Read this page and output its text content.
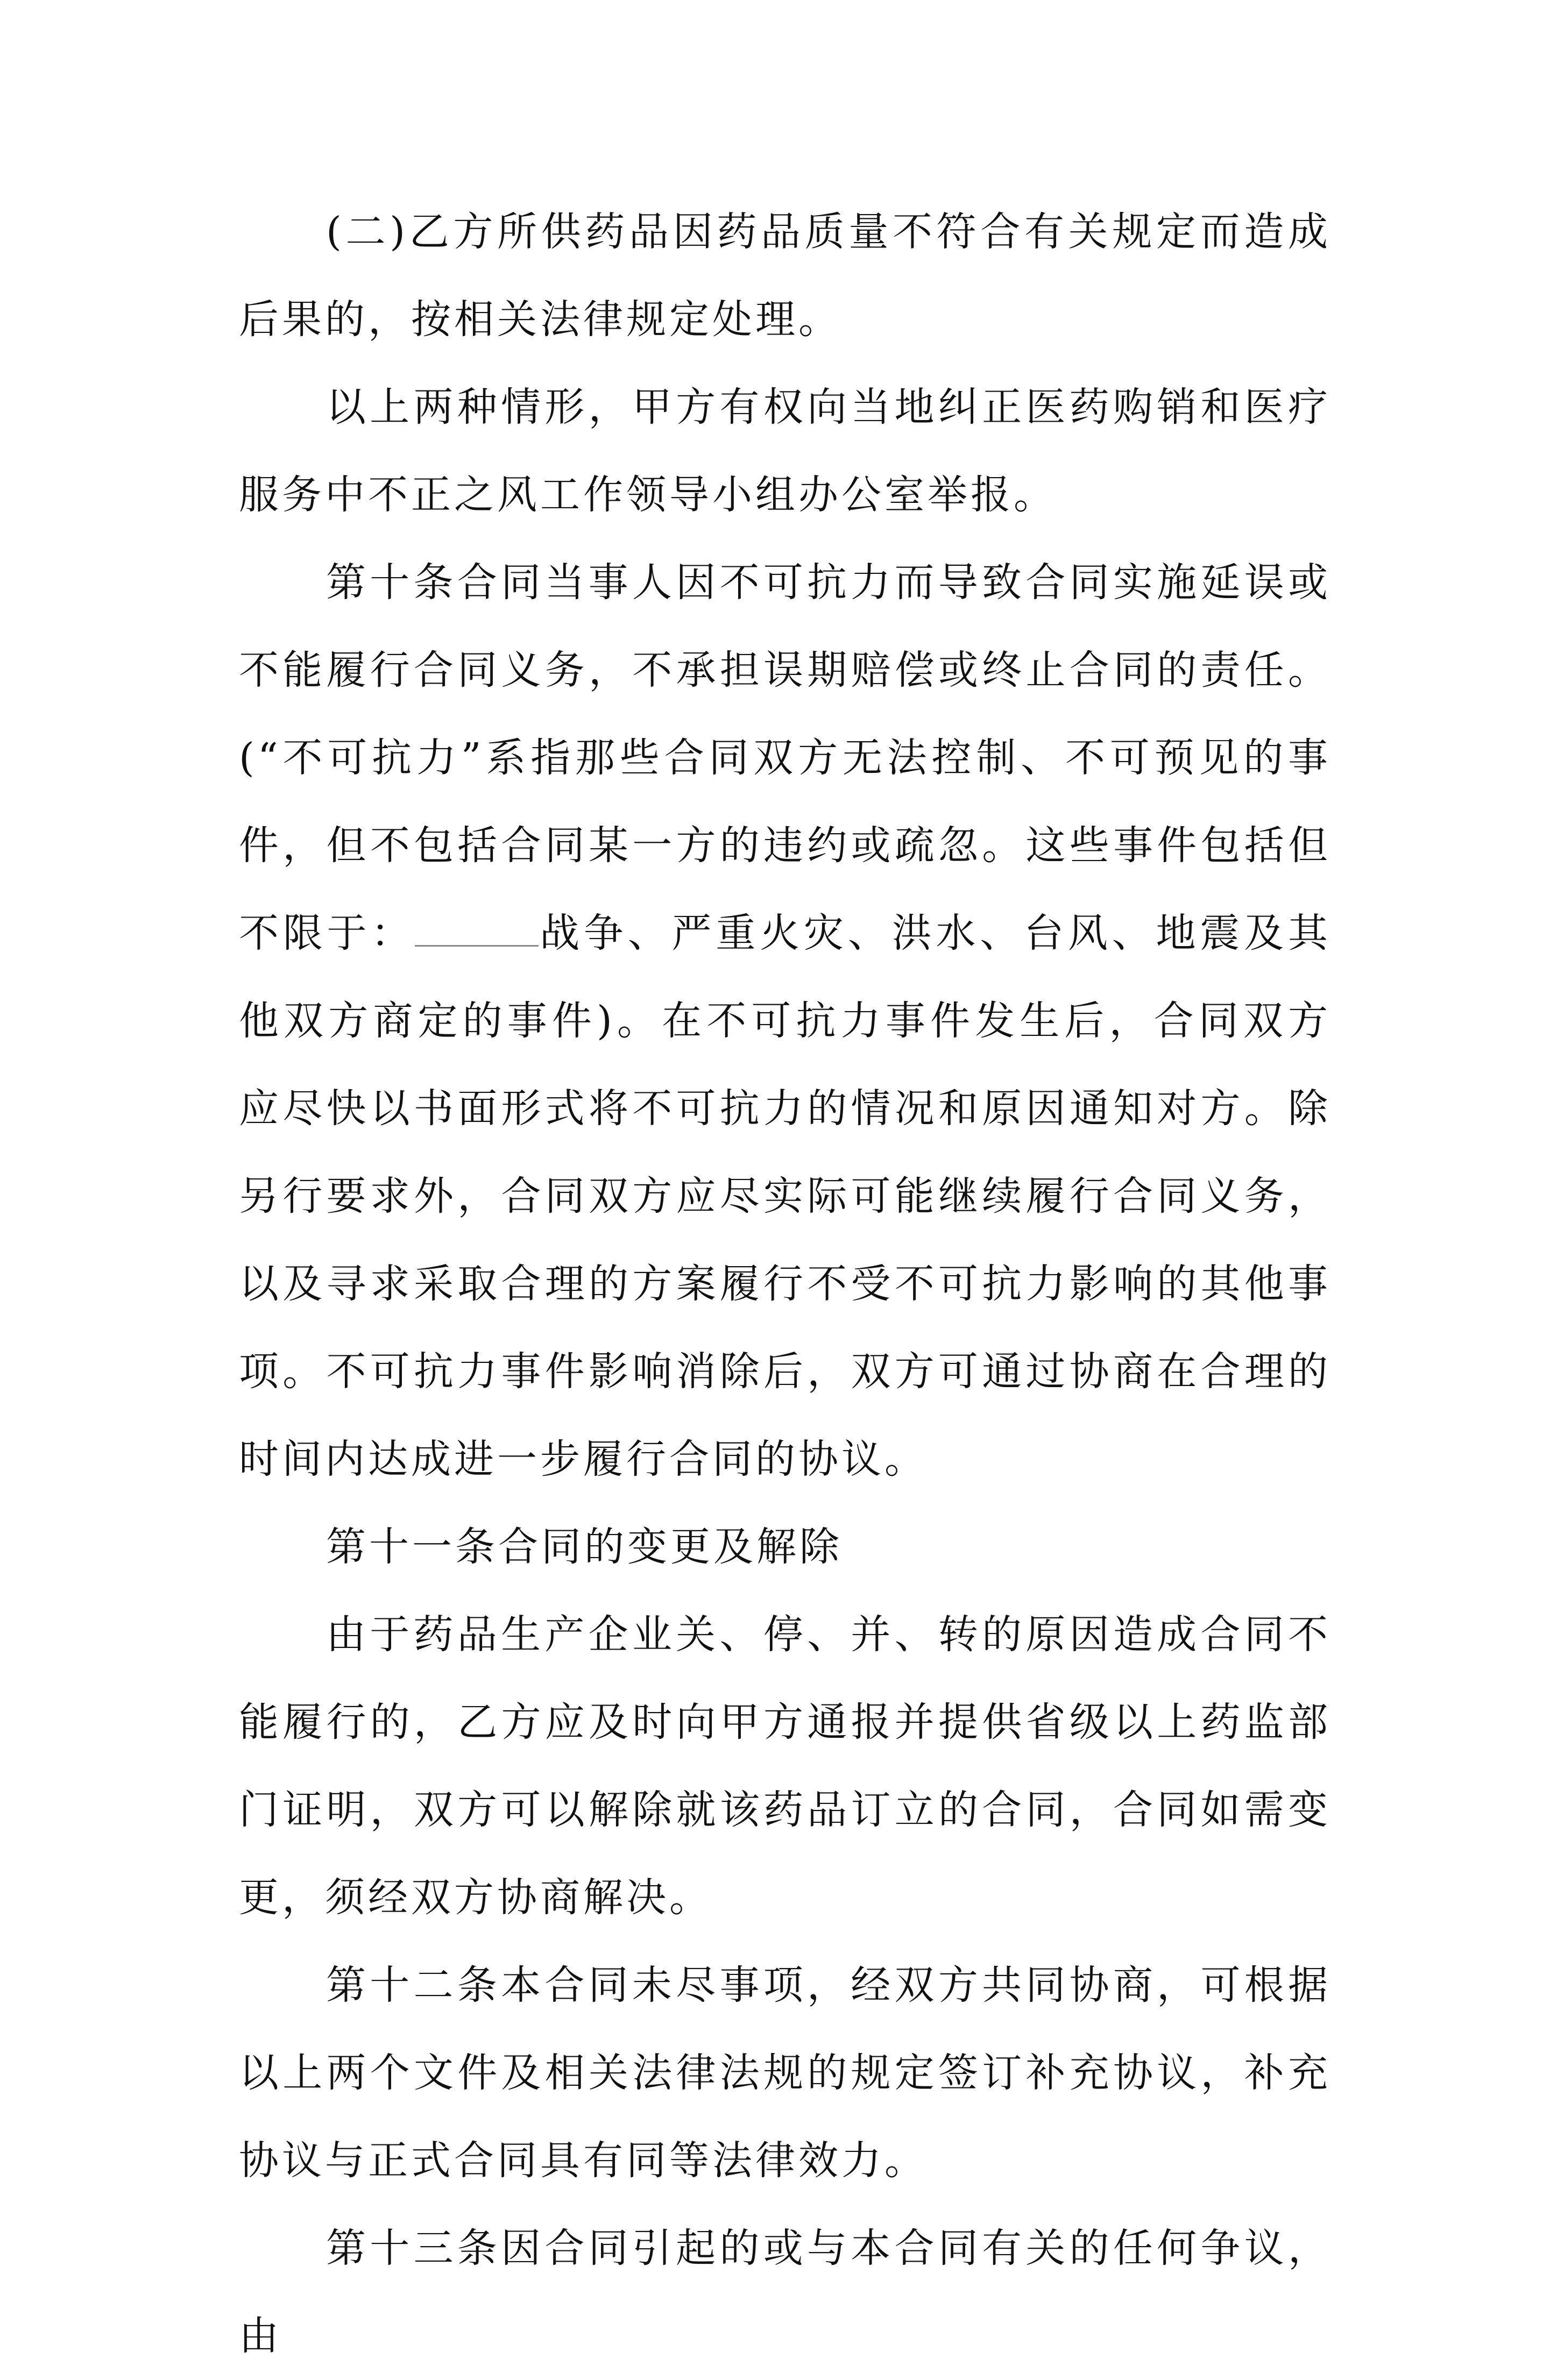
(二)乙方所供药品因药品质量不符合有关规定而造成后果的，按相关法律规定处理。

以上两种情形，甲方有权向当地纠正医药购销和医疗服务中不正之风工作领导小组办公室举报。

第十条合同当事人因不可抗力而导致合同实施延误或不能履行合同义务，不承担误期赔偿或终止合同的责任。(“不可抗力”系指那些合同双方无法控制、不可预见的事件，但不包括合同某一方的违约或疏忽。这些事件包括但不限于：	战争、严重火灾、洪水、台风、地震及其他双方商定的事件)。在不可抗力事件发生后，合同双方应尽快以书面形式将不可抗力的情况和原因通知对方。除另行要求外，合同双方应尽实际可能继续履行合同义务，以及寻求采取合理的方案履行不受不可抗力影响的其他事项。不可抗力事件影响消除后，双方可通过协商在合理的时间内达成进一步履行合同的协议。

第十一条合同的变更及解除

由于药品生产企业关、停、并、转的原因造成合同不能履行的，乙方应及时向甲方通报并提供省级以上药监部门证明，双方可以解除就该药品订立的合同，合同如需变更，须经双方协商解决。

第十二条本合同未尽事项，经双方共同协商，可根据以上两个文件及相关法律法规的规定签订补充协议，补充协议与正式合同具有同等法律效力。

第十三条因合同引起的或与本合同有关的任何争议，由
